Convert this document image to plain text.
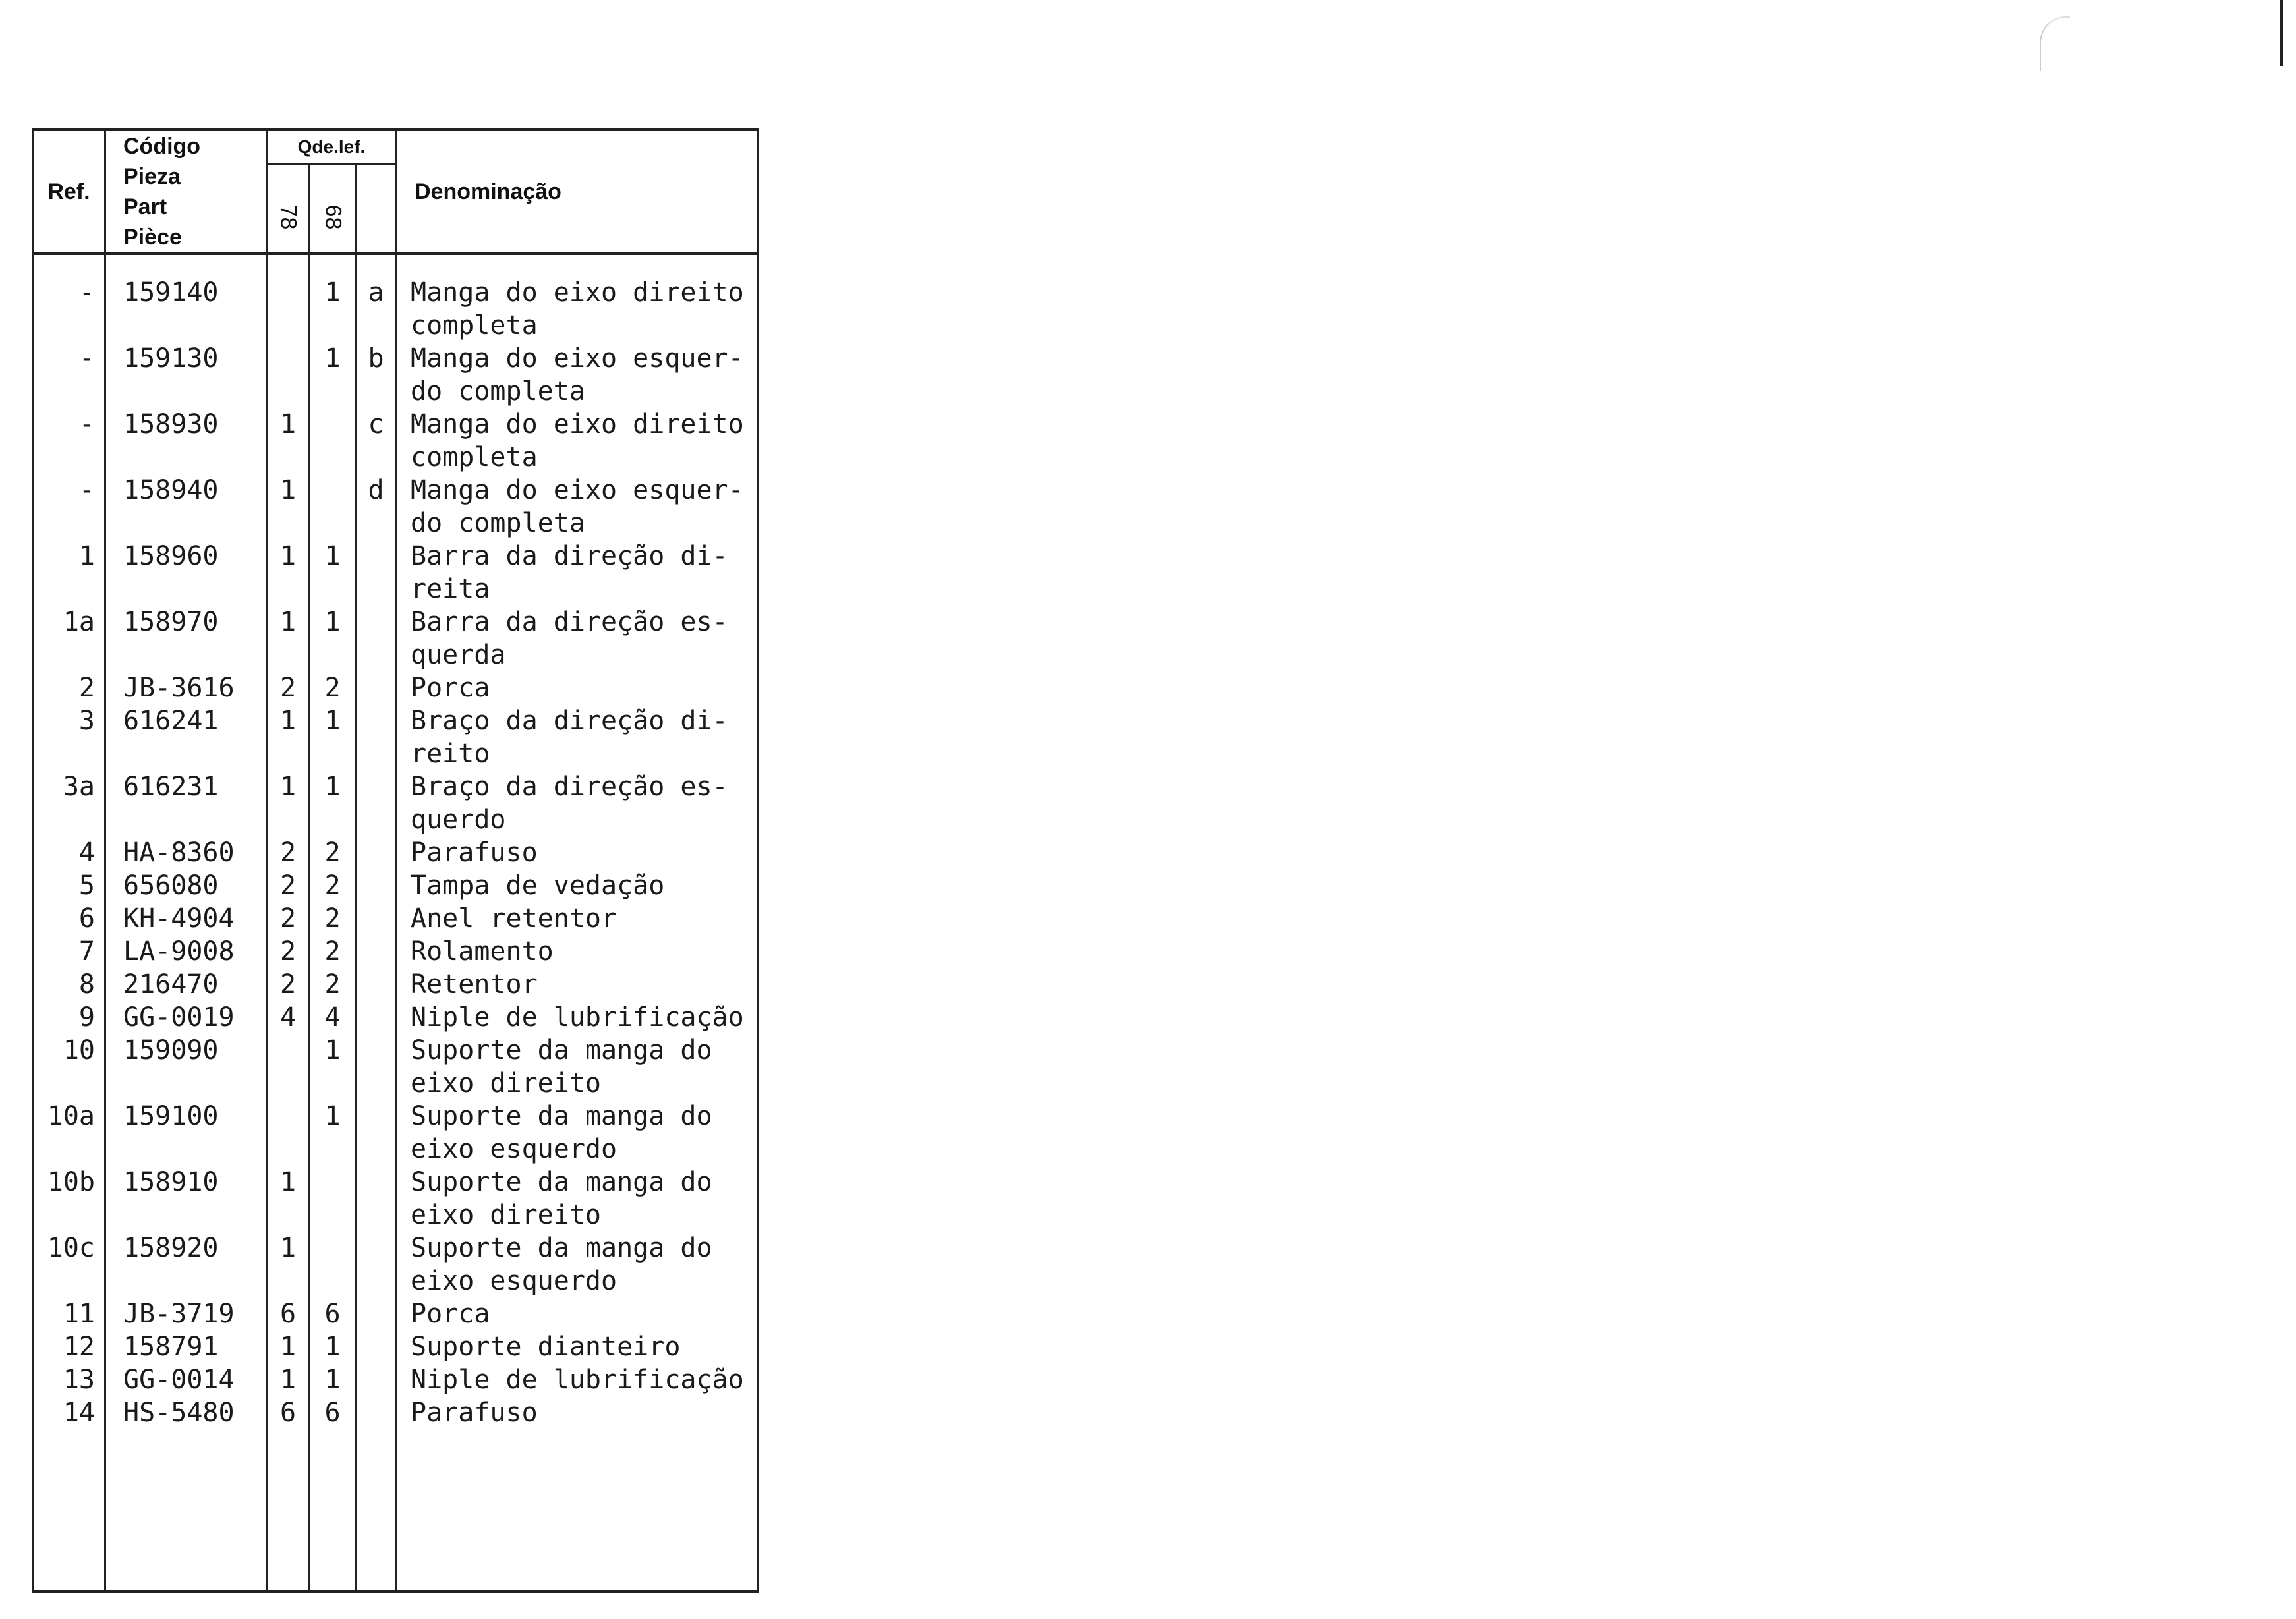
Ref.	Código
Pieza
Part
Pièce	Qde.lef.			Denominação
		78	68		
-	159140		1	a	Manga do eixo direito
completa
-	159130		1	b	Manga do eixo esquer-
do completa
-	158930	1		c	Manga do eixo direito
completa
-	158940	1		d	Manga do eixo esquer-
do completa
1	158960	1	1		Barra da direção di-
reita
1a	158970	1	1		Barra da direção es-
querda
2	JB-3616	2	2		Porca
3	616241	1	1		Braço da direção di-
reito
3a	616231	1	1		Braço da direção es-
querdo
4	HA-8360	2	2		Parafuso
5	656080	2	2		Tampa de vedação
6	KH-4904	2	2		Anel retentor
7	LA-9008	2	2		Rolamento
8	216470	2	2		Retentor
9	GG-0019	4	4		Niple de lubrificação
10	159090		1		Suporte da manga do
eixo direito
10a	159100		1		Suporte da manga do
eixo esquerdo
10b	158910	1			Suporte da manga do
eixo direito
10c	158920	1			Suporte da manga do
eixo esquerdo
11	JB-3719	6	6		Porca
12	158791	1	1		Suporte dianteiro
13	GG-0014	1	1		Niple de lubrificação
14	HS-5480	6	6		Parafuso
